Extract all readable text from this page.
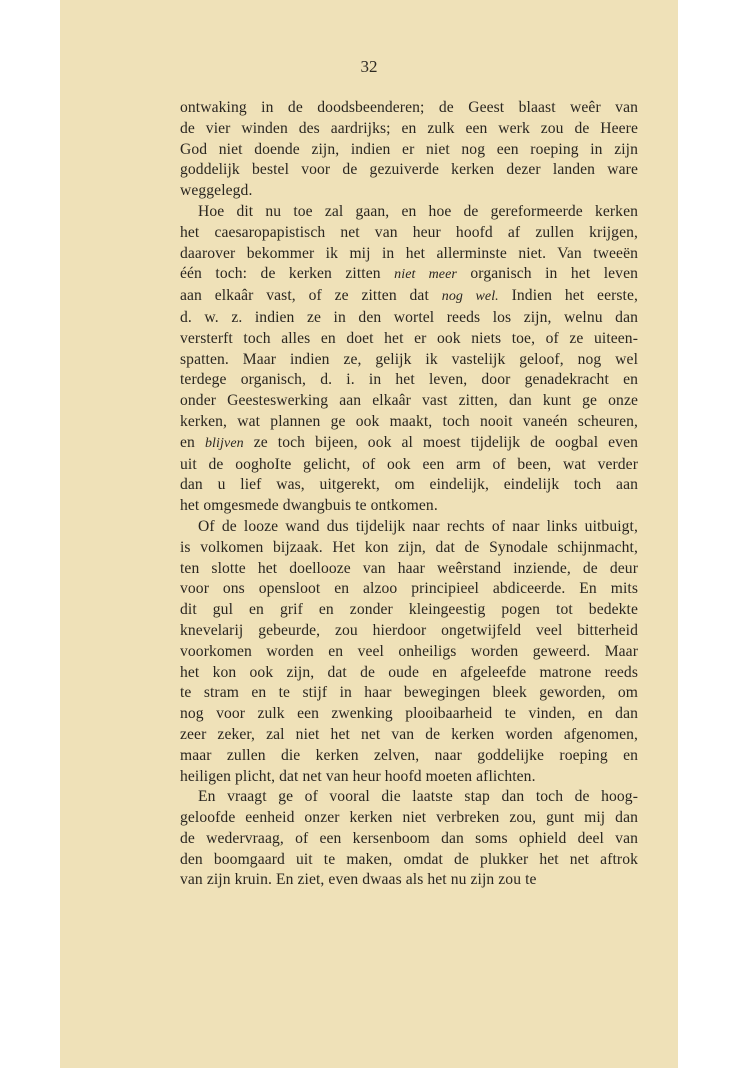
32
ontwaking in de doodsbeenderen; de Geest blaast weêr van
de vier winden des aardrijks; en zulk een werk zou de Heere
God niet doende zijn, indien er niet nog een roeping in zijn
goddelijk bestel voor de gezuiverde kerken dezer landen ware
weggelegd.
Hoe dit nu toe zal gaan, en hoe de gereformeerde kerken
het caesaropapistisch net van heur hoofd af zullen krijgen,
daarover bekommer ik mij in het allerminste niet. Van tweeën
één toch: de kerken zitten niet meer organisch in het leven
aan elkaâr vast, of ze zitten dat nog wel. Indien het eerste,
d. w. z. indien ze in den wortel reeds los zijn, welnu dan
versterft toch alles en doet het er ook niets toe, of ze uiteen-
spatten. Maar indien ze, gelijk ik vastelijk geloof, nog wel
terdege organisch, d. i. in het leven, door genadekracht en
onder Geesteswerking aan elkaâr vast zitten, dan kunt ge onze
kerken, wat plannen ge ook maakt, toch nooit vaneén scheuren,
en blijven ze toch bijeen, ook al moest tijdelijk de oogbal even
uit de ooghoIte gelicht, of ook een arm of been, wat verder
dan u lief was, uitgerekt, om eindelijk, eindelijk toch aan
het omgesmede dwangbuis te ontkomen.
Of de looze wand dus tijdelijk naar rechts of naar links uitbuigt,
is volkomen bijzaak. Het kon zijn, dat de Synodale schijnmacht,
ten slotte het doellooze van haar weêrstand inziende, de deur
voor ons opensloot en alzoo principieel abdiceerde. En mits
dit gul en grif en zonder kleingeestig pogen tot bedekte
knevelarij gebeurde, zou hierdoor ongetwijfeld veel bitterheid
voorkomen worden en veel onheiligs worden geweerd. Maar
het kon ook zijn, dat de oude en afgeleefde matrone reeds
te stram en te stijf in haar bewegingen bleek geworden, om
nog voor zulk een zwenking plooibaarheid te vinden, en dan
zeer zeker, zal niet het net van de kerken worden afgenomen,
maar zullen die kerken zelven, naar goddelijke roeping en
heiligen plicht, dat net van heur hoofd moeten aflichten.
En vraagt ge of vooral die laatste stap dan toch de hoog-
geloofde eenheid onzer kerken niet verbreken zou, gunt mij dan
de wedervraag, of een kersenboom dan soms ophield deel van
den boomgaard uit te maken, omdat de plukker het net aftrok
van zijn kruin. En ziet, even dwaas als het nu zijn zou te
